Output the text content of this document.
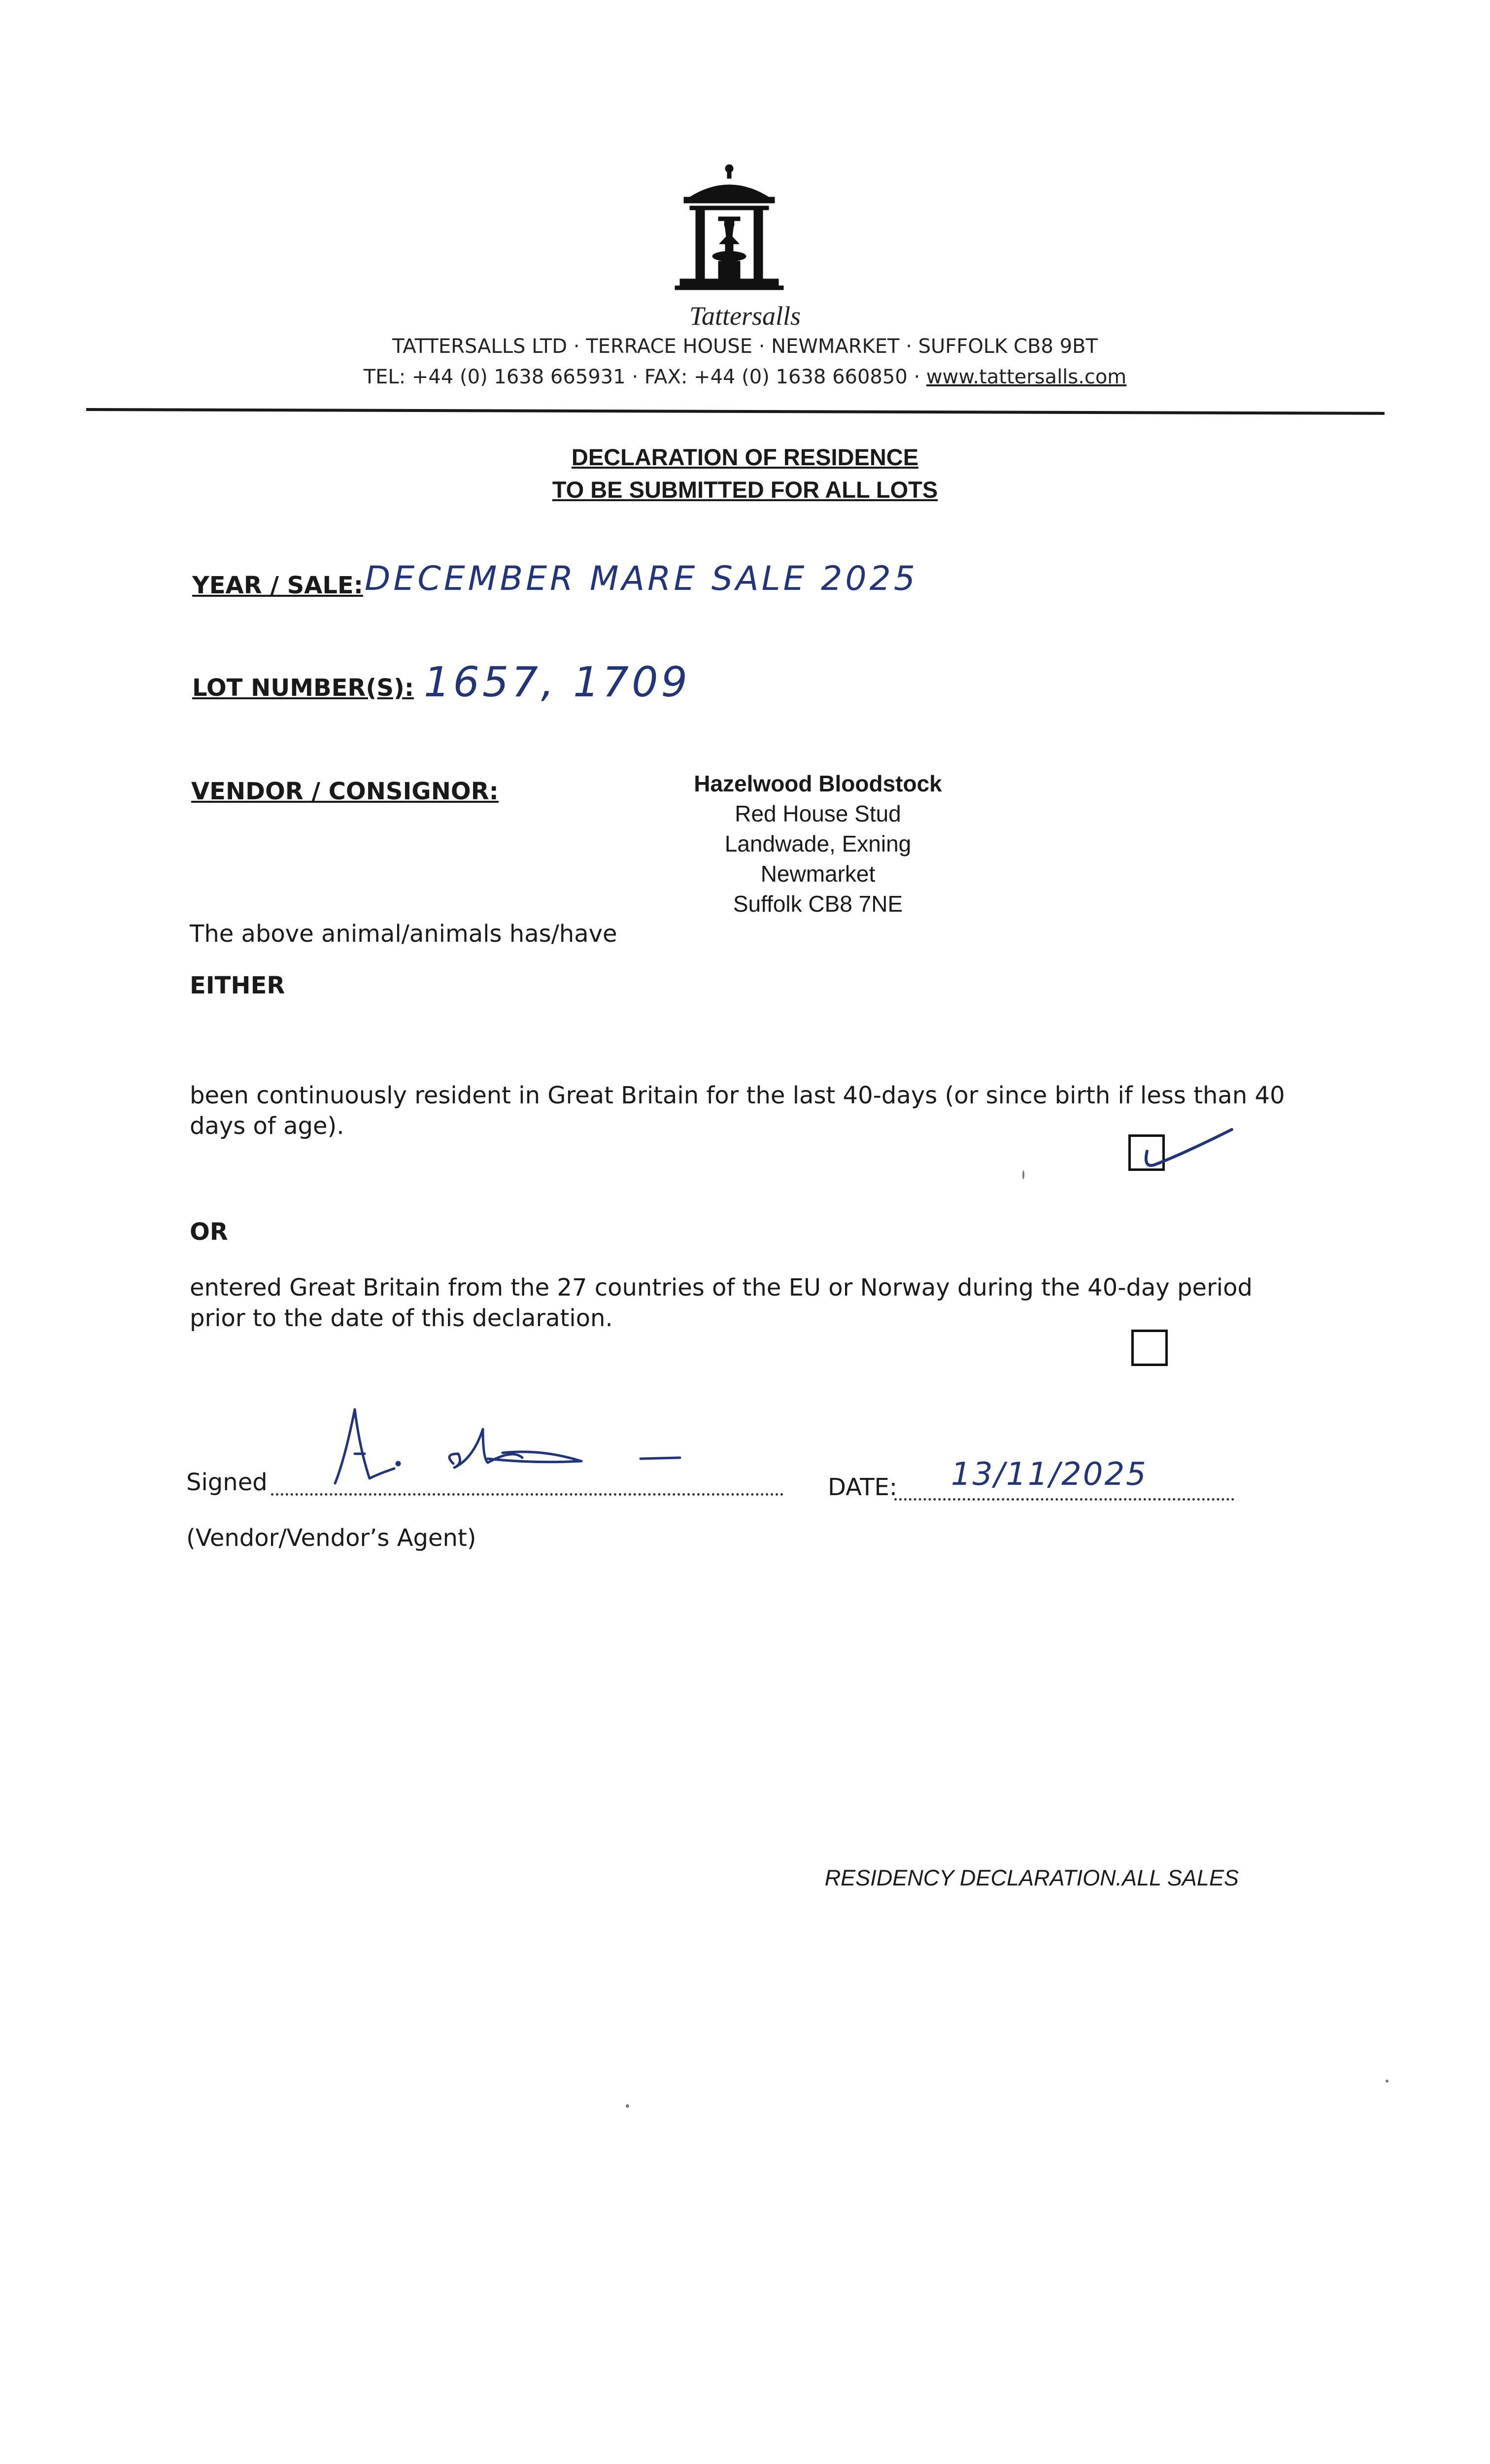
Tattersalls
TATTERSALLS LTD · TERRACE HOUSE · NEWMARKET · SUFFOLK CB8 9BT
TEL: +44 (0) 1638 665931 · FAX: +44 (0) 1638 660850 · www.tattersalls.com
DECLARATION OF RESIDENCE
TO BE SUBMITTED FOR ALL LOTS
YEAR / SALE: DECEMBER MARE SALE 2025
LOT NUMBER(S): 1657, 1709
VENDOR / CONSIGNOR:	Hazelwood Bloodstock
Red House Stud
Landwade, Exning
Newmarket
Suffolk CB8 7NE
The above animal/animals has/have
EITHER
been continuously resident in Great Britain for the last 40-days (or since birth if less than 40
days of age).
OR
entered Great Britain from the 27 countries of the EU or Norway during the 40-day period
prior to the date of this declaration.
Signed	DATE: 13/11/2025
(Vendor/Vendor’s Agent)
RESIDENCY DECLARATION.ALL SALES
